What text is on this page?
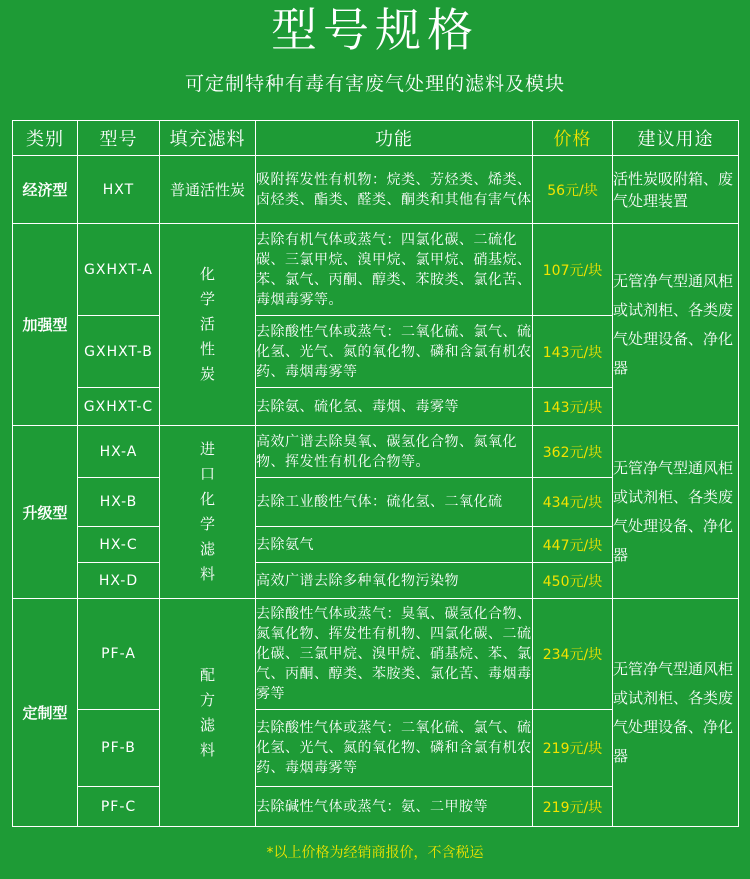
型号规格
可定制特种有毒有害废气处理的滤料及模块
类别	型号	填充滤料	功能	价格	建议用途
经济型	HXT	普通活性炭	吸附挥发性有机物：烷类、芳烃类、烯类、卤烃类、酯类、醛类、酮类和其他有害气体	56元/块	活性炭吸附箱、废气处理装置
加强型	GXHXT-A	化学活性炭	去除有机气体或蒸气：四氯化碳、二硫化碳、三氯甲烷、溴甲烷、氯甲烷、硝基烷、苯、氯气、丙酮、醇类、苯胺类、氯化苦、毒烟毒雾等。	107元/块	无管净气型通风柜或试剂柜、各类废气处理设备、净化器
	GXHXT-B		去除酸性气体或蒸气：二氧化硫、氯气、硫化氢、光气、氮的氧化物、磷和含氯有机农药、毒烟毒雾等	143元/块	
	GXHXT-C		去除氨、硫化氢、毒烟、毒雾等	143元/块	
升级型	HX-A	进口化学滤料	高效广谱去除臭氧、碳氢化合物、氮氧化物、挥发性有机化合物等。	362元/块	无管净气型通风柜或试剂柜、各类废气处理设备、净化器
	HX-B		去除工业酸性气体：硫化氢、二氧化硫	434元/块	
	HX-C		去除氨气	447元/块	
	HX-D		高效广谱去除多种氧化物污染物	450元/块	
定制型	PF-A	配方滤料	去除酸性气体或蒸气：臭氧、碳氢化合物、氮氧化物、挥发性有机物、四氯化碳、二硫化碳、三氯甲烷、溴甲烷、硝基烷、苯、氯气、丙酮、醇类、苯胺类、氯化苦、毒烟毒雾等	234元/块	无管净气型通风柜或试剂柜、各类废气处理设备、净化器
	PF-B		去除酸性气体或蒸气：二氧化硫、氯气、硫化氢、光气、氮的氧化物、磷和含氯有机农药、毒烟毒雾等	219元/块	
	PF-C		去除碱性气体或蒸气：氨、二甲胺等	219元/块	
*以上价格为经销商报价，不含税运
